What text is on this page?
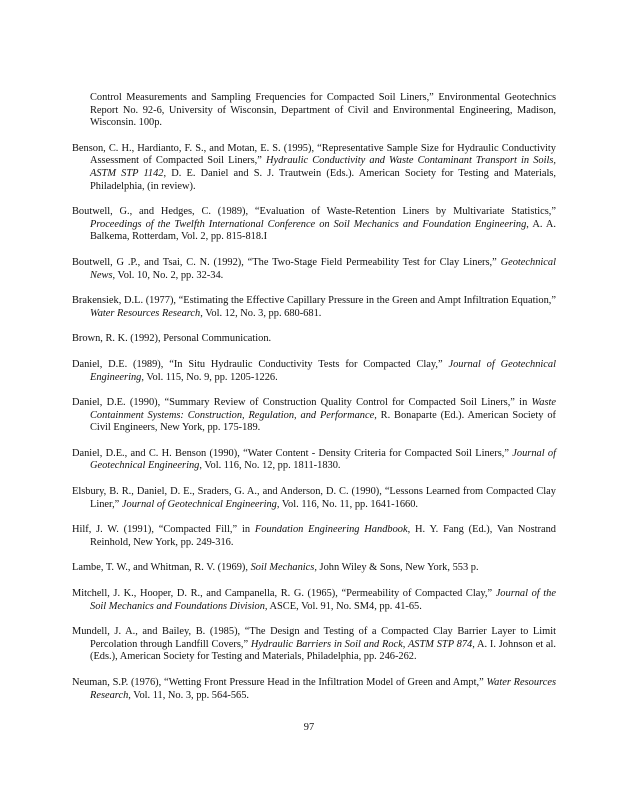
Control Measurements and Sampling Frequencies for Compacted Soil Liners,” Environmental Geotechnics Report No. 92-6, University of Wisconsin, Department of Civil and Environmental Engineering, Madison, Wisconsin. 100p.

Benson, C. H., Hardianto, F. S., and Motan, E. S. (1995), “Representative Sample Size for Hydraulic Conductivity Assessment of Compacted Soil Liners,” Hydraulic Conductivity and Waste Contaminant Transport in Soils, ASTM STP 1142, D. E. Daniel and S. J. Trautwein (Eds.). American Society for Testing and Materials, Philadelphia, (in review).

Boutwell, G., and Hedges, C. (1989), “Evaluation of Waste-Retention Liners by Multivariate Statistics,” Proceedings of the Twelfth International Conference on Soil Mechanics and Foundation Engineering, A. A. Balkema, Rotterdam, Vol. 2, pp. 815-818.I

Boutwell, G .P., and Tsai, C. N. (1992), “The Two-Stage Field Permeability Test for Clay Liners,” Geotechnical News, Vol. 10, No. 2, pp. 32-34.

Brakensiek, D.L. (1977), “Estimating the Effective Capillary Pressure in the Green and Ampt Infiltration Equation,” Water Resources Research, Vol. 12, No. 3, pp. 680-681.

Brown, R. K. (1992), Personal Communication.

Daniel, D.E. (1989), “In Situ Hydraulic Conductivity Tests for Compacted Clay,” Journal of Geotechnical Engineering, Vol. 115, No. 9, pp. 1205-1226.

Daniel, D.E. (1990), “Summary Review of Construction Quality Control for Compacted Soil Liners,” in Waste Containment Systems: Construction, Regulation, and Performance, R. Bonaparte (Ed.). American Society of Civil Engineers, New York, pp. 175-189.

Daniel, D.E., and C. H. Benson (1990), “Water Content - Density Criteria for Compacted Soil Liners,” Journal of Geotechnical Engineering, Vol. 116, No. 12, pp. 1811-1830.

Elsbury, B. R., Daniel, D. E., Sraders, G. A., and Anderson, D. C. (1990), “Lessons Learned from Compacted Clay Liner,” Journal of Geotechnical Engineering, Vol. 116, No. 11, pp. 1641-1660.

Hilf, J. W. (1991), “Compacted Fill,” in Foundation Engineering Handbook, H. Y. Fang (Ed.), Van Nostrand Reinhold, New York, pp. 249-316.

Lambe, T. W., and Whitman, R. V. (1969), Soil Mechanics, John Wiley & Sons, New York, 553 p.

Mitchell, J. K., Hooper, D. R., and Campanella, R. G. (1965), “Permeability of Compacted Clay,” Journal of the Soil Mechanics and Foundations Division, ASCE, Vol. 91, No. SM4, pp. 41-65.

Mundell, J. A., and Bailey, B. (1985), “The Design and Testing of a Compacted Clay Barrier Layer to Limit Percolation through Landfill Covers,” Hydraulic Barriers in Soil and Rock, ASTM STP 874, A. I. Johnson et al. (Eds.), American Society for Testing and Materials, Philadelphia, pp. 246-262.

Neuman, S.P. (1976), “Wetting Front Pressure Head in the Infiltration Model of Green and Ampt,” Water Resources Research, Vol. 11, No. 3, pp. 564-565.

97
